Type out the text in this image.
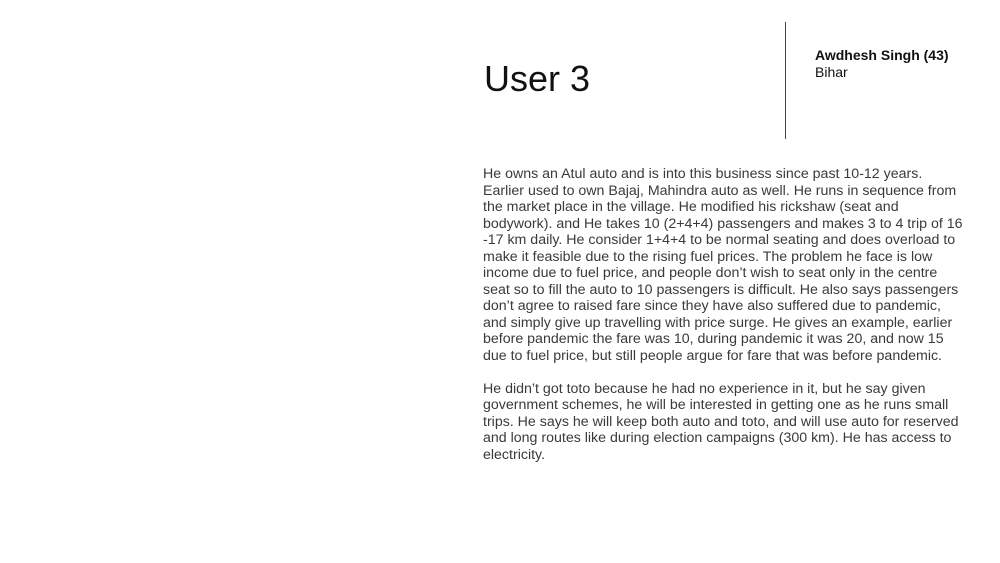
User 3
Awdhesh Singh (43)
Bihar

He owns an Atul auto and is into this business since past 10-12 years. Earlier used to own Bajaj, Mahindra auto as well. He runs in sequence from the market place in the village. He modified his rickshaw (seat and bodywork). and He takes 10 (2+4+4) passengers and makes 3 to 4 trip of 16 -17 km daily. He consider 1+4+4 to be normal seating and does overload to make it feasible due to the rising fuel prices. The problem he face is low income due to fuel price, and people don’t wish to seat only in the centre seat so to fill the auto to 10 passengers is difficult. He also says passengers don’t agree to raised fare since they have also suffered due to pandemic, and simply give up travelling with price surge. He gives an example, earlier before pandemic the fare was 10, during pandemic it was 20, and now 15 due to fuel price, but still people argue for fare that was before pandemic.

He didn’t got toto because he had no experience in it, but he say given government schemes, he will be interested in getting one as he runs small trips. He says he will keep both auto and toto, and will use auto for reserved and long routes like during election campaigns (300 km). He has access to electricity.
